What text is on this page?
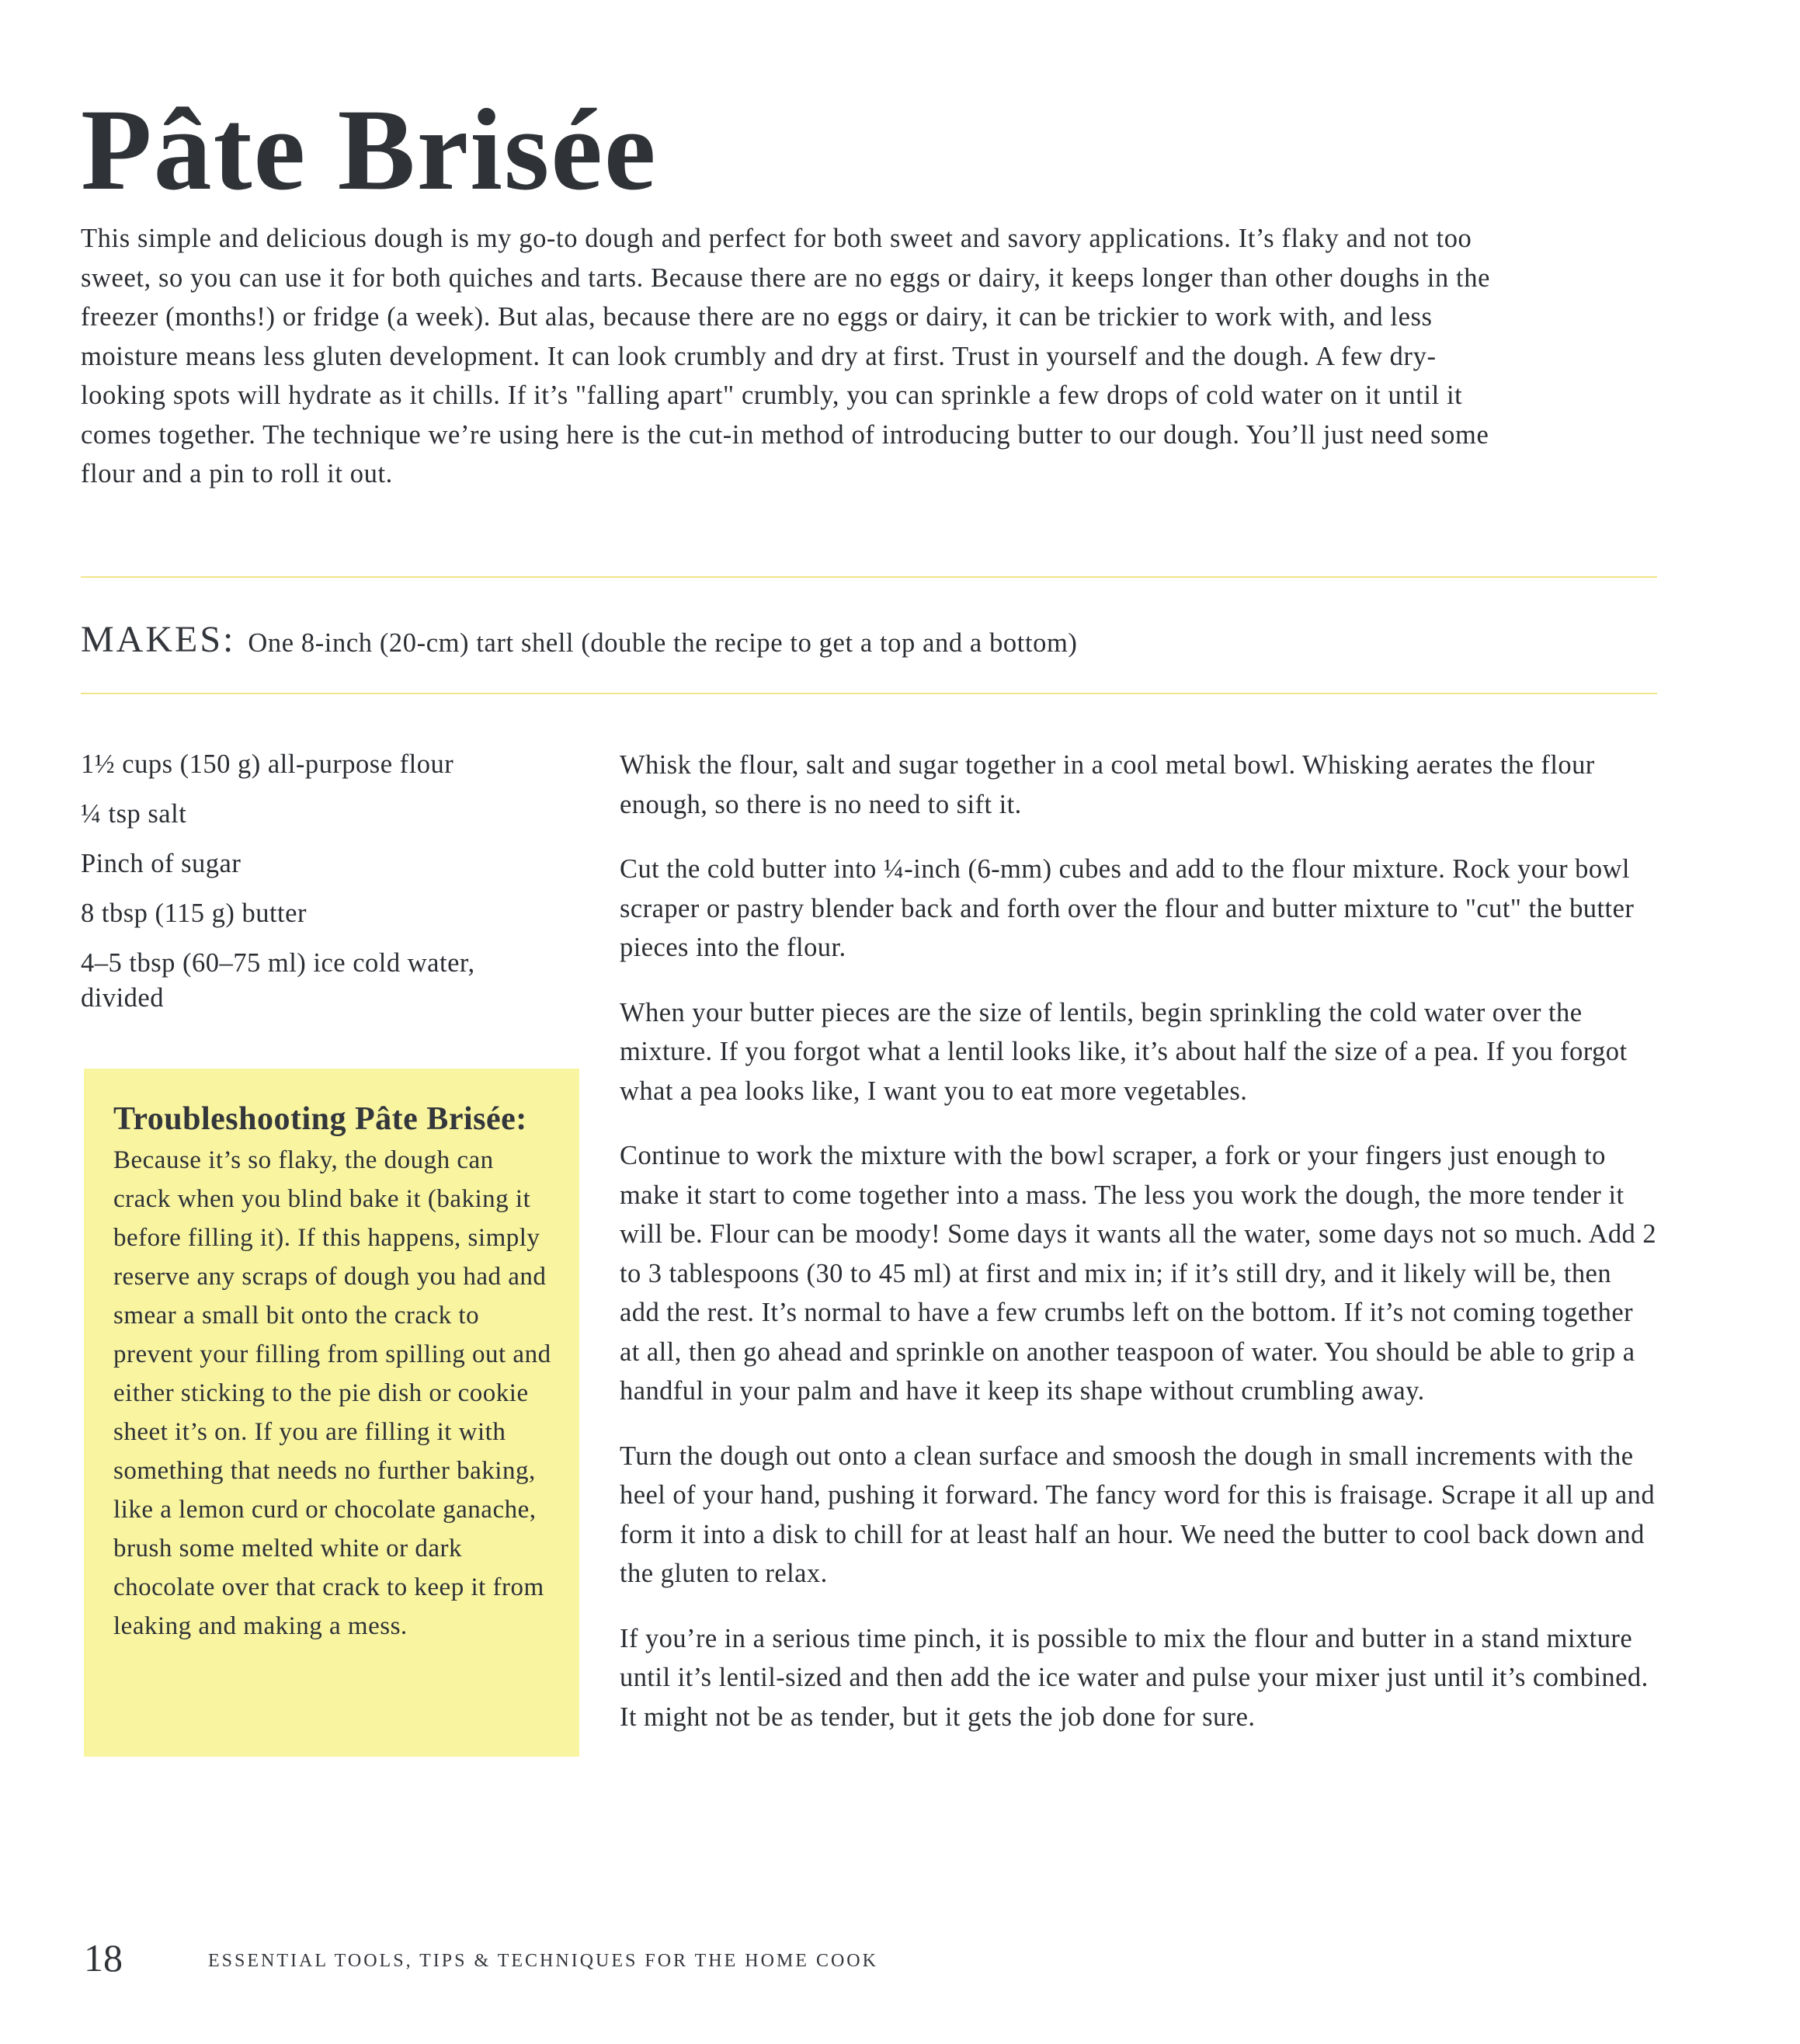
Pâte Brisée

This simple and delicious dough is my go-to dough and perfect for both sweet and savory applications. It’s flaky and not too sweet, so you can use it for both quiches and tarts. Because there are no eggs or dairy, it keeps longer than other doughs in the freezer (months!) or fridge (a week). But alas, because there are no eggs or dairy, it can be trickier to work with, and less moisture means less gluten development. It can look crumbly and dry at first. Trust in yourself and the dough. A few dry-looking spots will hydrate as it chills. If it’s "falling apart" crumbly, you can sprinkle a few drops of cold water on it until it comes together. The technique we’re using here is the cut-in method of introducing butter to our dough. You’ll just need some flour and a pin to roll it out.

MAKES: One 8-inch (20-cm) tart shell (double the recipe to get a top and a bottom)
1½ cups (150 g) all-purpose flour
¼ tsp salt
Pinch of sugar
8 tbsp (115 g) butter
4–5 tbsp (60–75 ml) ice cold water, divided

Troubleshooting Pâte Brisée: Because it’s so flaky, the dough can crack when you blind bake it (baking it before filling it). If this happens, simply reserve any scraps of dough you had and smear a small bit onto the crack to prevent your filling from spilling out and either sticking to the pie dish or cookie sheet it’s on. If you are filling it with something that needs no further baking, like a lemon curd or chocolate ganache, brush some melted white or dark chocolate over that crack to keep it from leaking and making a mess.

Whisk the flour, salt and sugar together in a cool metal bowl. Whisking aerates the flour enough, so there is no need to sift it.

Cut the cold butter into ¼-inch (6-mm) cubes and add to the flour mixture. Rock your bowl scraper or pastry blender back and forth over the flour and butter mixture to "cut" the butter pieces into the flour.

When your butter pieces are the size of lentils, begin sprinkling the cold water over the mixture. If you forgot what a lentil looks like, it’s about half the size of a pea. If you forgot what a pea looks like, I want you to eat more vegetables.

Continue to work the mixture with the bowl scraper, a fork or your fingers just enough to make it start to come together into a mass. The less you work the dough, the more tender it will be. Flour can be moody! Some days it wants all the water, some days not so much. Add 2 to 3 tablespoons (30 to 45 ml) at first and mix in; if it’s still dry, and it likely will be, then add the rest. It’s normal to have a few crumbs left on the bottom. If it’s not coming together at all, then go ahead and sprinkle on another teaspoon of water. You should be able to grip a handful in your palm and have it keep its shape without crumbling away.

Turn the dough out onto a clean surface and smoosh the dough in small increments with the heel of your hand, pushing it forward. The fancy word for this is fraisage. Scrape it all up and form it into a disk to chill for at least half an hour. We need the butter to cool back down and the gluten to relax.

If you’re in a serious time pinch, it is possible to mix the flour and butter in a stand mixture until it’s lentil-sized and then add the ice water and pulse your mixer just until it’s combined. It might not be as tender, but it gets the job done for sure.

18	ESSENTIAL TOOLS, TIPS & TECHNIQUES FOR THE HOME COOK
